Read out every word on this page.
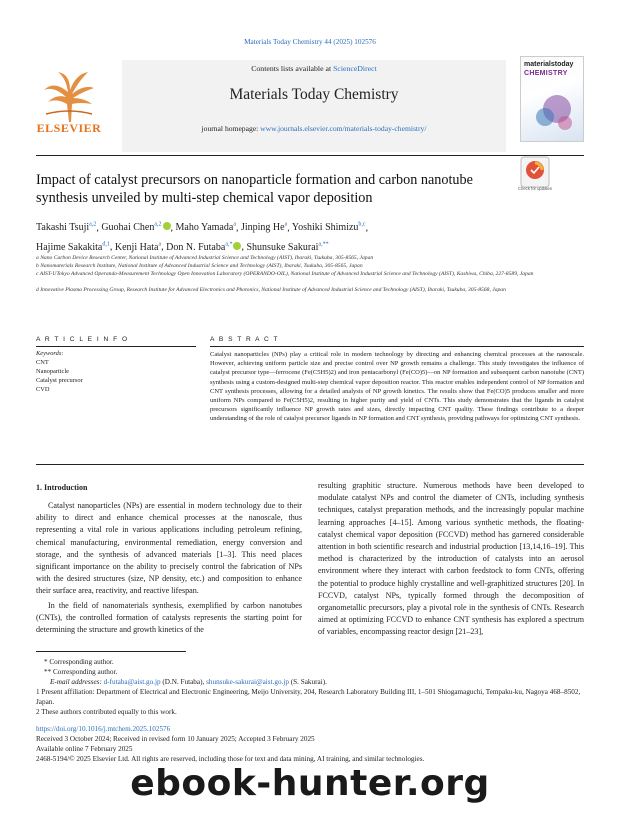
Materials Today Chemistry 44 (2025) 102576
ELSEVIER
Contents lists available at ScienceDirect
Materials Today Chemistry
journal homepage: www.journals.elsevier.com/materials-today-chemistry/
materialstoday
CHEMISTRY
Impact of catalyst precursors on nanoparticle formation and carbon nanotube synthesis unveiled by multi-step chemical vapor deposition
Check for updates
Takashi Tsuji$^{a,2}$, Guohai Chen$^{a,2}$ , Maho Yamada$^a$, Jinping He$^a$, Yoshiki Shimizu$^{b,c}$,
Hajime Sakakita$^{d,1}$, Kenji Hata$^a$, Don N. Futaba$^{a,*}$ , Shunsuke Sakurai$^{a,**}$
a Nano Carbon Device Research Center, National Institute of Advanced Industrial Science and Technology (AIST), Ibaraki, Tsukuba, 305-8565, Japan
b Nanomaterials Research Institute, National Institute of Advanced Industrial Science and Technology (AIST), Ibaraki, Tsukuba, 305-8565, Japan
c AIST-UTokyo Advanced Operando-Measurement Technology Open Innovation Laboratory (OPERANDO-OIL), National Institute of Advanced Industrial Science and Technology (AIST), Kashiwa, Chiba, 227-8589, Japan
d Innovative Plasma Processing Group, Research Institute for Advanced Electronics and Photonics, National Institute of Advanced Industrial Science and Technology (AIST), Ibaraki, Tsukuba, 305-8568, Japan
A R T I C L E I N F O	A B S T R A C T
Keywords:
CNT
Nanoparticle
Catalyst precursor
CVD
Catalyst nanoparticles (NPs) play a critical role in modern technology by directing and enhancing chemical processes at the nanoscale. However, achieving uniform particle size and precise control over NP growth remains a challenge. This study investigates the influence of catalyst precursor type—ferrocene (Fe(C5H5)2) and iron pentacarbonyl (Fe(CO)5)—on NP formation and subsequent carbon nanotube (CNT) synthesis using a custom-designed multi-step chemical vapor deposition reactor. This reactor enables independent control of NP formation and CNT synthesis processes, allowing for a detailed analysis of NP growth kinetics. The results show that Fe(CO)5 produces smaller and more uniform NPs compared to Fe(C5H5)2, resulting in higher purity and yield of CNTs. This study demonstrates that the ligands in catalyst precursors significantly influence NP growth rates and sizes, directly impacting CNT quality. These findings contribute to a deeper understanding of the role of catalyst precursor ligands in NP formation and CNT synthesis, providing pathways for optimizing CNT synthesis.
1. Introduction
Catalyst nanoparticles (NPs) are essential in modern technology due to their ability to direct and enhance chemical processes at the nanoscale, thus representing a vital role in various applications including petroleum refining, chemical manufacturing, environmental remediation, energy conversion and storage, and the synthesis of advanced materials [1–3]. This need places significant importance on the ability to precisely control the fabrication of NPs with the desired structures (size, NP density, etc.) and composition to enhance their surface area, reactivity, and reactive lifespan.
In the field of nanomaterials synthesis, exemplified by carbon nanotubes (CNTs), the controlled formation of catalysts represents the starting point for determining the structure and growth kinetics of the
resulting graphitic structure. Numerous methods have been developed to modulate catalyst NPs and control the diameter of CNTs, including synthesis techniques, catalyst preparation methods, and the increasingly popular machine learning approaches [4–15]. Among various synthetic methods, the floating-catalyst chemical vapor deposition (FCCVD) method has garnered considerable attention in both scientific research and industrial production [13,14,16–19]. This method is characterized by the introduction of catalysts into an aerosol environment where they interact with carbon feedstock to form CNTs, offering the potential to produce highly crystalline and well-graphitized structures [20]. In FCCVD, catalyst NPs, typically formed through the decomposition of organometallic precursors, play a pivotal role in the synthesis of CNTs. Research aimed at optimizing FCCVD to enhance CNT synthesis has explored a spectrum of variables, encompassing reactor design [21–23],
* Corresponding author.
** Corresponding author.
E-mail addresses: d-futaba@aist.go.jp (D.N. Futaba), shunsuke-sakurai@aist.go.jp (S. Sakurai).
1 Present affiliation: Department of Electrical and Electronic Engineering, Meijo University, 204, Research Laboratory Building III, 1–501 Shiogamaguchi, Tempaku-ku, Nagoya 468–8502, Japan.
2 These authors contributed equally to this work.
https://doi.org/10.1016/j.mtchem.2025.102576
Received 3 October 2024; Received in revised form 10 January 2025; Accepted 3 February 2025
Available online 7 February 2025
2468-5194/© 2025 Elsevier Ltd. All rights are reserved, including those for text and data mining, AI training, and similar technologies.
ebook-hunter.org
